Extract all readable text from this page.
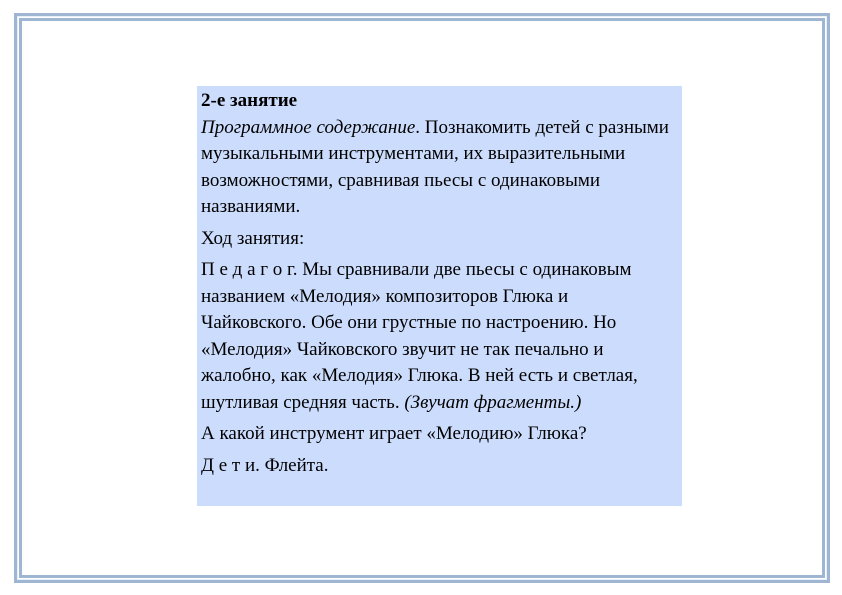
2-е занятие

Программное содержание. Познакомить детей с разными музыкальными инструментами, их выразительными возможностями, сравнивая пьесы с одинаковыми названиями.

Ход занятия:

П е д а г о г. Мы сравнивали две пьесы с одинаковым названием «Мелодия» композиторов Глюка и Чайковского. Обе они грустные по настроению. Но «Мелодия» Чайковского звучит не так печально и жалобно, как «Мелодия» Глюка. В ней есть и светлая, шутливая средняя часть. (Звучат фрагменты.)

А какой инструмент играет «Мелодию» Глюка?

Д е т и. Флейта.
